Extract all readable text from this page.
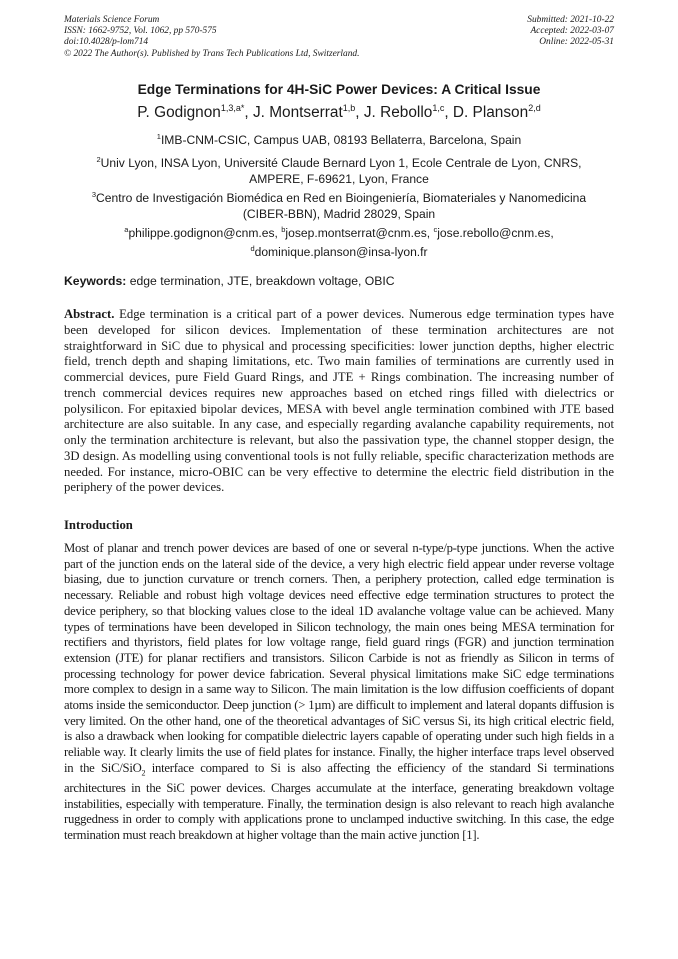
Materials Science Forum
ISSN: 1662-9752, Vol. 1062, pp 570-575
doi:10.4028/p-lom714
© 2022 The Author(s). Published by Trans Tech Publications Ltd, Switzerland.
Submitted: 2021-10-22
Accepted: 2022-03-07
Online: 2022-05-31
Edge Terminations for 4H-SiC Power Devices: A Critical Issue
P. Godignon$^{1,3,a*}$, J. Montserrat$^{1,b}$, J. Rebollo$^{1,c}$, D. Planson$^{2,d}$
$^1$IMB-CNM-CSIC, Campus UAB, 08193 Bellaterra, Barcelona, Spain
$^2$Univ Lyon, INSA Lyon, Université Claude Bernard Lyon 1, Ecole Centrale de Lyon, CNRS,
AMPERE, F-69621, Lyon, France
$^3$Centro de Investigación Biomédica en Red en Bioingeniería, Biomateriales y Nanomedicina
(CIBER-BBN), Madrid 28029, Spain
$^a$philippe.godignon@cnm.es, $^b$josep.montserrat@cnm.es, $^c$jose.rebollo@cnm.es,
$^d$dominique.planson@insa-lyon.fr
Keywords: edge termination, JTE, breakdown voltage, OBIC
Abstract. Edge termination is a critical part of a power devices. Numerous edge termination types have been developed for silicon devices. Implementation of these termination architectures are not straightforward in SiC due to physical and processing specificities: lower junction depths, higher electric field, trench depth and shaping limitations, etc. Two main families of terminations are currently used in commercial devices, pure Field Guard Rings, and JTE + Rings combination. The increasing number of trench commercial devices requires new approaches based on etched rings filled with dielectrics or polysilicon. For epitaxied bipolar devices, MESA with bevel angle termination combined with JTE based architecture are also suitable. In any case, and especially regarding avalanche capability requirements, not only the termination architecture is relevant, but also the passivation type, the channel stopper design, the 3D design. As modelling using conventional tools is not fully reliable, specific characterization methods are needed. For instance, micro-OBIC can be very effective to determine the electric field distribution in the periphery of the power devices.
Introduction
Most of planar and trench power devices are based of one or several n-type/p-type junctions. When the active part of the junction ends on the lateral side of the device, a very high electric field appear under reverse voltage biasing, due to junction curvature or trench corners. Then, a periphery protection, called edge termination is necessary. Reliable and robust high voltage devices need effective edge termination structures to protect the device periphery, so that blocking values close to the ideal 1D avalanche voltage value can be achieved. Many types of terminations have been developed in Silicon technology, the main ones being MESA termination for rectifiers and thyristors, field plates for low voltage range, field guard rings (FGR) and junction termination extension (JTE) for planar rectifiers and transistors. Silicon Carbide is not as friendly as Silicon in terms of processing technology for power device fabrication. Several physical limitations make SiC edge terminations more complex to design in a same way to Silicon. The main limitation is the low diffusion coefficients of dopant atoms inside the semiconductor. Deep junction (> 1µm) are difficult to implement and lateral dopants diffusion is very limited. On the other hand, one of the theoretical advantages of SiC versus Si, its high critical electric field, is also a drawback when looking for compatible dielectric layers capable of operating under such high fields in a reliable way. It clearly limits the use of field plates for instance. Finally, the higher interface traps level observed in the SiC/SiO$_2$ interface compared to Si is also affecting the efficiency of the standard Si terminations architectures in the SiC power devices. Charges accumulate at the interface, generating breakdown voltage instabilities, especially with temperature. Finally, the termination design is also relevant to reach high avalanche ruggedness in order to comply with applications prone to unclamped inductive switching. In this case, the edge termination must reach breakdown at higher voltage than the main active junction [1].
